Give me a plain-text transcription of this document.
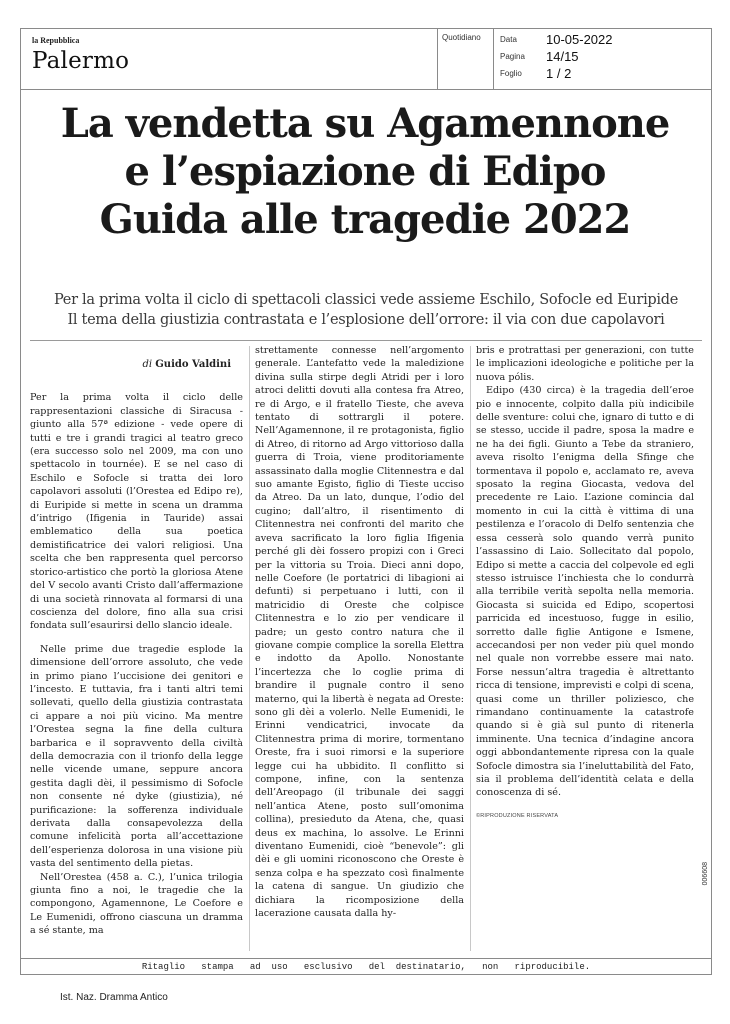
la Repubblica
Palermo
Quotidiano Data 10-05-2022
Pagina 14/15
Foglio 1 / 2
La vendetta su Agamennone
e l’espiazione di Edipo
Guida alle tragedie 2022
Per la prima volta il ciclo di spettacoli classici vede assieme Eschilo, Sofocle ed Euripide
Il tema della giustizia contrastata e l’esplosione dell’orrore: il via con due capolavori
di Guido Valdini

Per la prima volta il ciclo delle rappresentazioni classiche di Siracusa - giunto alla 57ª edizione - vede opere di tutti e tre i grandi tragici al teatro greco (era successo solo nel 2009, ma con uno spettacolo in tournée). E se nel caso di Eschilo e Sofocle si tratta dei loro capolavori assoluti (l’Orestea ed Edipo re), di Euripide si mette in scena un dramma d’intrigo (Ifigenia in Tauride) assai emblematico della sua poetica demistificatrice dei valori religiosi. Una scelta che ben rappresenta quel percorso storico-artistico che portò la gloriosa Atene del V secolo avanti Cristo dall’affermazione di una società rinnovata al formarsi di una coscienza del dolore, fino alla sua crisi fondata sull’esaurirsi dello slancio ideale.

Nelle prime due tragedie esplode la dimensione dell’orrore assoluto, che vede in primo piano l’uccisione dei genitori e l’incesto. E tuttavia, fra i tanti altri temi sollevati, quello della giustizia contrastata ci appare a noi più vicino. Ma mentre l’Orestea segna la fine della cultura barbarica e il sopravvento della civiltà della democrazia con il trionfo della legge nelle vicende umane, seppure ancora gestita dagli dèi, il pessimismo di Sofocle non consente né dyke (giustizia), né purificazione: la sofferenza individuale derivata dalla consapevolezza della comune infelicità porta all’accettazione dell’esperienza dolorosa in una visione più vasta del sentimento della pietas.

Nell’Orestea (458 a. C.), l’unica trilogia giunta fino a noi, le tragedie che la compongono, Agamennone, Le Coefore e Le Eumenidi, offrono ciascuna un dramma a sé stante, ma

strettamente connesse nell’argomento generale. L’antefatto vede la maledizione divina sulla stirpe degli Atridi per i loro atroci delitti dovuti alla contesa fra Atreo, re di Argo, e il fratello Tieste, che aveva tentato di sottrargli il potere. Nell’Agamennone, il re protagonista, figlio di Atreo, di ritorno ad Argo vittorioso dalla guerra di Troia, viene proditoriamente assassinato dalla moglie Clitennestra e dal suo amante Egisto, figlio di Tieste ucciso da Atreo. Da un lato, dunque, l’odio del cugino; dall’altro, il risentimento di Clitennestra nei confronti del marito che aveva sacrificato la loro figlia Ifigenia perché gli dèi fossero propizi con i Greci per la vittoria su Troia. Dieci anni dopo, nelle Coefore (le portatrici di libagioni ai defunti) si perpetuano i lutti, con il matricidio di Oreste che colpisce Clitennestra e lo zio per vendicare il padre; un gesto contro natura che il giovane compie complice la sorella Elettra e indotto da Apollo. Nonostante l’incertezza che lo coglie prima di brandire il pugnale contro il seno materno, qui la libertà è negata ad Oreste: sono gli dèi a volerlo. Nelle Eumenidi, le Erinni vendicatrici, invocate da Clitennestra prima di morire, tormentano Oreste, fra i suoi rimorsi e la superiore legge cui ha ubbidito. Il conflitto si compone, infine, con la sentenza dell’Areopago (il tribunale dei saggi nell’antica Atene, posto sull’omonima collina), presieduto da Atena, che, quasi deus ex machina, lo assolve. Le Erinni diventano Eumenidi, cioè “benevole”: gli dèi e gli uomini riconoscono che Oreste è senza colpa e ha spezzato così finalmente la catena di sangue. Un giudizio che dichiara la ricomposizione della lacerazione causata dalla hy-

bris e protrattasi per generazioni, con tutte le implicazioni ideologiche e politiche per la nuova pólis.

Edipo (430 circa) è la tragedia dell’eroe pio e innocente, colpito dalla più indicibile delle sventure: colui che, ignaro di tutto e di se stesso, uccide il padre, sposa la madre e ne ha dei figli. Giunto a Tebe da straniero, aveva risolto l’enigma della Sfinge che tormentava il popolo e, acclamato re, aveva sposato la regina Giocasta, vedova del precedente re Laio. L’azione comincia dal momento in cui la città è vittima di una pestilenza e l’oracolo di Delfo sentenzia che essa cesserà solo quando verrà punito l’assassino di Laio. Sollecitato dal popolo, Edipo si mette a caccia del colpevole ed egli stesso istruisce l’inchiesta che lo condurrà alla terribile verità sepolta nella memoria. Giocasta si suicida ed Edipo, scopertosi parricida ed incestuoso, fugge in esilio, sorretto dalle figlie Antigone e Ismene, accecandosi per non veder più quel mondo nel quale non vorrebbe essere mai nato. Forse nessun’altra tragedia è altrettanto ricca di tensione, imprevisti e colpi di scena, quasi come un thriller poliziesco, che rimandano continuamente la catastrofe quando si è già sul punto di ritenerla imminente. Una tecnica d’indagine ancora oggi abbondantemente ripresa con la quale Sofocle dimostra sia l’ineluttabilità del Fato, sia il problema dell’identità celata e della conoscenza di sé.

©RIPRODUZIONE RISERVATA
006608
Ritaglio   stampa   ad  uso   esclusivo   del  destinatario,   non   riproducibile.
Ist. Naz. Dramma Antico
